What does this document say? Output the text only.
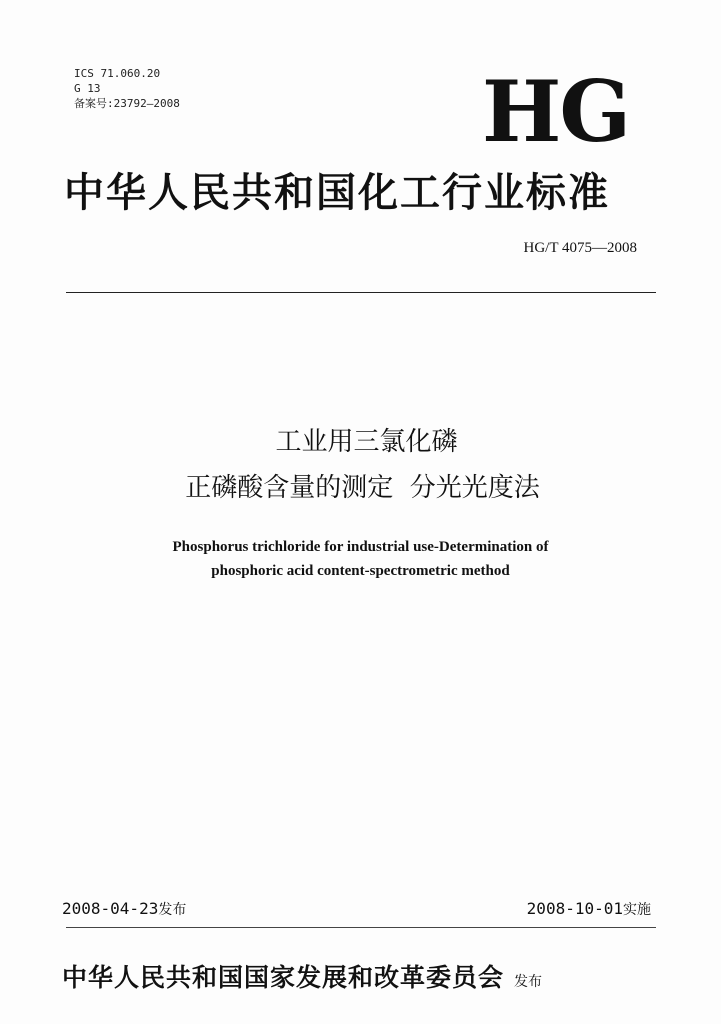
ICS 71.060.20
G 13
备案号:23792—2008	HG
中华人民共和国化工行业标准
HG/T 4075—2008
工业用三氯化磷
正磷酸含量的测定  分光光度法
Phosphorus trichloride for industrial use-Determination of
phosphoric acid content-spectrometric method
2008-04-23发布	2008-10-01实施
中华人民共和国国家发展和改革委员会 发布
